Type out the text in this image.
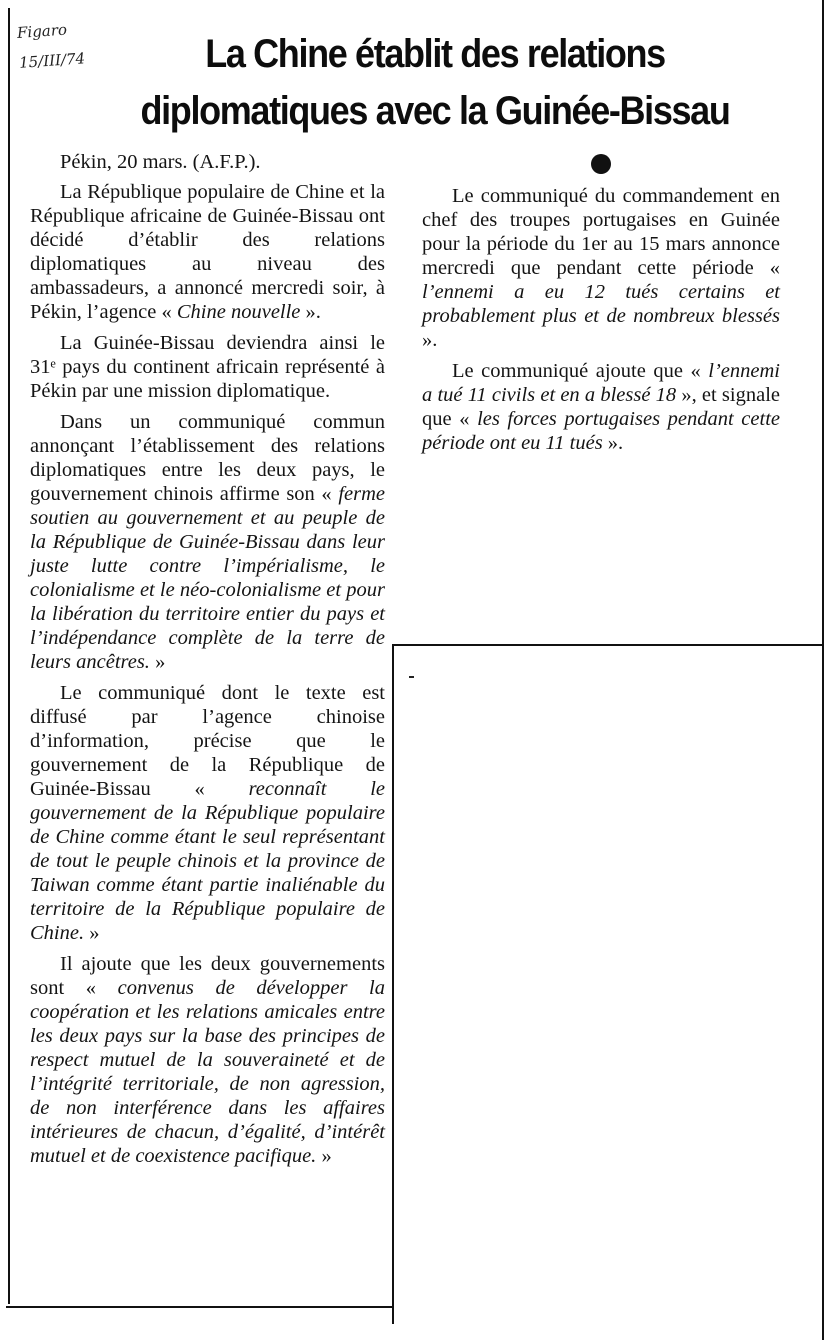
Figaro
15/III/74	La Chine établit des relations
diplomatiques avec la Guinée-Bissau

Pékin, 20 mars. (A.F.P.).

La République populaire de Chine et la République africaine de Guinée-Bissau ont décidé d’établir des relations diplomatiques au niveau des ambassadeurs, a annoncé mercredi soir, à Pékin, l’agence « Chine nouvelle ».

La Guinée-Bissau deviendra ainsi le 31ᵉ pays du continent africain représenté à Pékin par une mission diplomatique.

Dans un communiqué commun annonçant l’établissement des relations diplomatiques entre les deux pays, le gouvernement chinois affirme son « ferme soutien au gouvernement et au peuple de la République de Guinée-Bissau dans leur juste lutte contre l’impérialisme, le colonialisme et le néo-colonialisme et pour la libération du territoire entier du pays et l’indépendance complète de la terre de leurs ancêtres. »

Le communiqué dont le texte est diffusé par l’agence chinoise d’information, précise que le gouvernement de la République de Guinée-Bissau « reconnaît le gouvernement de la République populaire de Chine comme étant le seul représentant de tout le peuple chinois et la province de Taiwan comme étant partie inaliénable du territoire de la République populaire de Chine. »

Il ajoute que les deux gouvernements sont « convenus de développer la coopération et les relations amicales entre les deux pays sur la base des principes de respect mutuel de la souveraineté et de l’intégrité territoriale, de non agression, de non interférence dans les affaires intérieures de chacun, d’égalité, d’intérêt mutuel et de coexistence pacifique. »

Le communiqué du commandement en chef des troupes portugaises en Guinée pour la période du 1er au 15 mars annonce mercredi que pendant cette période « l’ennemi a eu 12 tués certains et probablement plus et de nombreux blessés ».

Le communiqué ajoute que « l’ennemi a tué 11 civils et en a blessé 18 », et signale que « les forces portugaises pendant cette période ont eu 11 tués ».
